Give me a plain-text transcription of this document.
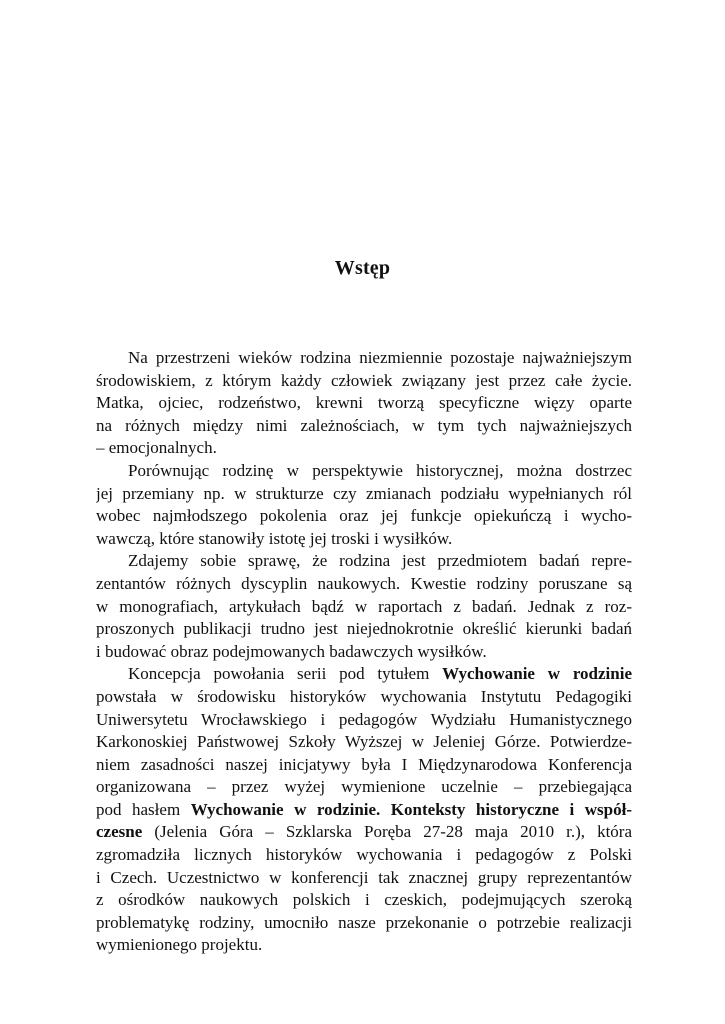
Wstęp
Na przestrzeni wieków rodzina niezmiennie pozostaje najważniejszym
środowiskiem, z którym każdy człowiek związany jest przez całe życie.
Matka, ojciec, rodzeństwo, krewni tworzą specyficzne więzy oparte
na różnych między nimi zależnościach, w tym tych najważniejszych
– emocjonalnych.
Porównując rodzinę w perspektywie historycznej, można dostrzec
jej przemiany np. w strukturze czy zmianach podziału wypełnianych ról
wobec najmłodszego pokolenia oraz jej funkcje opiekuńczą i wycho-
wawczą, które stanowiły istotę jej troski i wysiłków.
Zdajemy sobie sprawę, że rodzina jest przedmiotem badań repre-
zentantów różnych dyscyplin naukowych. Kwestie rodziny poruszane są
w monografiach, artykułach bądź w raportach z badań. Jednak z roz-
proszonych publikacji trudno jest niejednokrotnie określić kierunki badań
i budować obraz podejmowanych badawczych wysiłków.
Koncepcja powołania serii pod tytułem Wychowanie w rodzinie
powstała w środowisku historyków wychowania Instytutu Pedagogiki
Uniwersytetu Wrocławskiego i pedagogów Wydziału Humanistycznego
Karkonoskiej Państwowej Szkoły Wyższej w Jeleniej Górze. Potwierdze-
niem zasadności naszej inicjatywy była I Międzynarodowa Konferencja
organizowana – przez wyżej wymienione uczelnie – przebiegająca
pod hasłem Wychowanie w rodzinie. Konteksty historyczne i współ-
czesne (Jelenia Góra – Szklarska Poręba 27-28 maja 2010 r.), która
zgromadziła licznych historyków wychowania i pedagogów z Polski
i Czech. Uczestnictwo w konferencji tak znacznej grupy reprezentantów
z ośrodków naukowych polskich i czeskich, podejmujących szeroką
problematykę rodziny, umocniło nasze przekonanie o potrzebie realizacji
wymienionego projektu.
